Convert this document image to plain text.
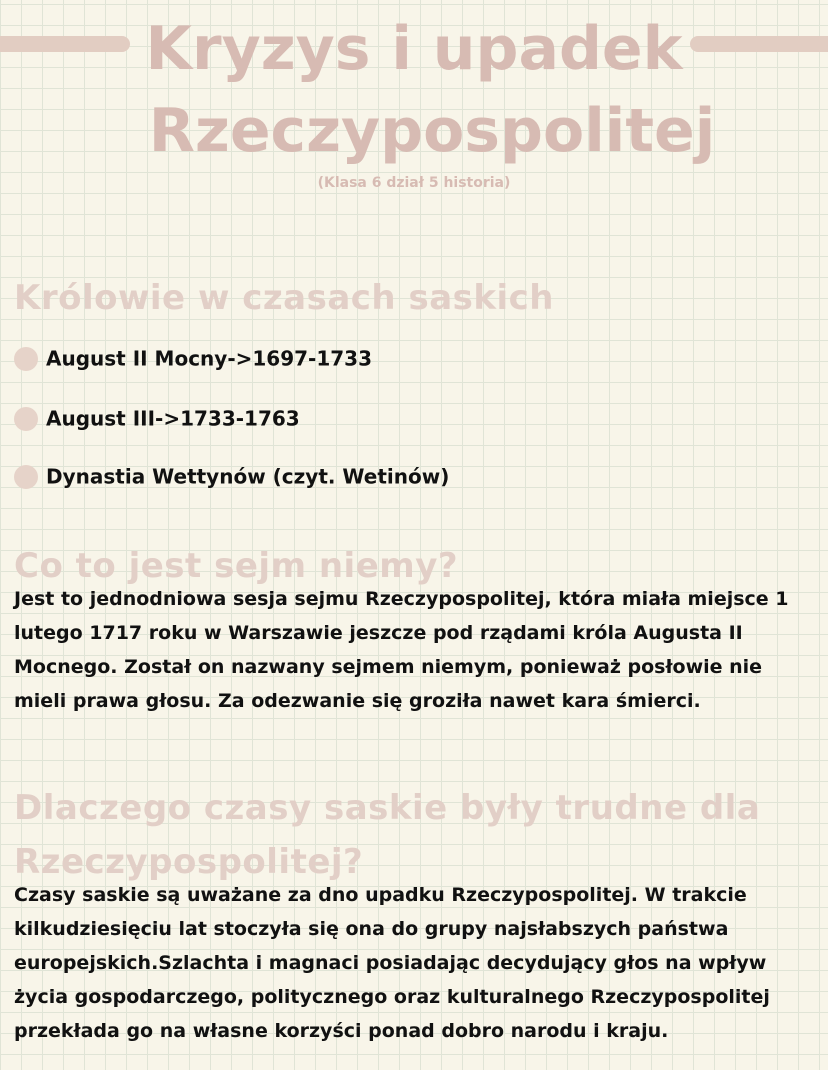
Kryzys i upadek
Rzeczypospolitej

(Klasa 6 dział 5 historia)

Królowie w czasach saskich
August II Mocny->1697-1733
August III->1733-1763
Dynastia Wettynów (czyt. Wetinów)
Co to jest sejm niemy?

Jest to jednodniowa sesja sejmu Rzeczypospolitej, która miała miejsce 1 lutego 1717 roku w Warszawie jeszcze pod rządami króla Augusta II Mocnego. Został on nazwany sejmem niemym, ponieważ posłowie nie mieli prawa głosu. Za odezwanie się groziła nawet kara śmierci.

Dlaczego czasy saskie były trudne dla
Rzeczypospolitej?

Czasy saskie są uważane za dno upadku Rzeczypospolitej. W trakcie kilkudziesięciu lat stoczyła się ona do grupy najsłabszych państwa europejskich.Szlachta i magnaci posiadając decydujący głos na wpływ życia gospodarczego, politycznego oraz kulturalnego Rzeczypospolitej przekłada go na własne korzyści ponad dobro narodu i kraju.
